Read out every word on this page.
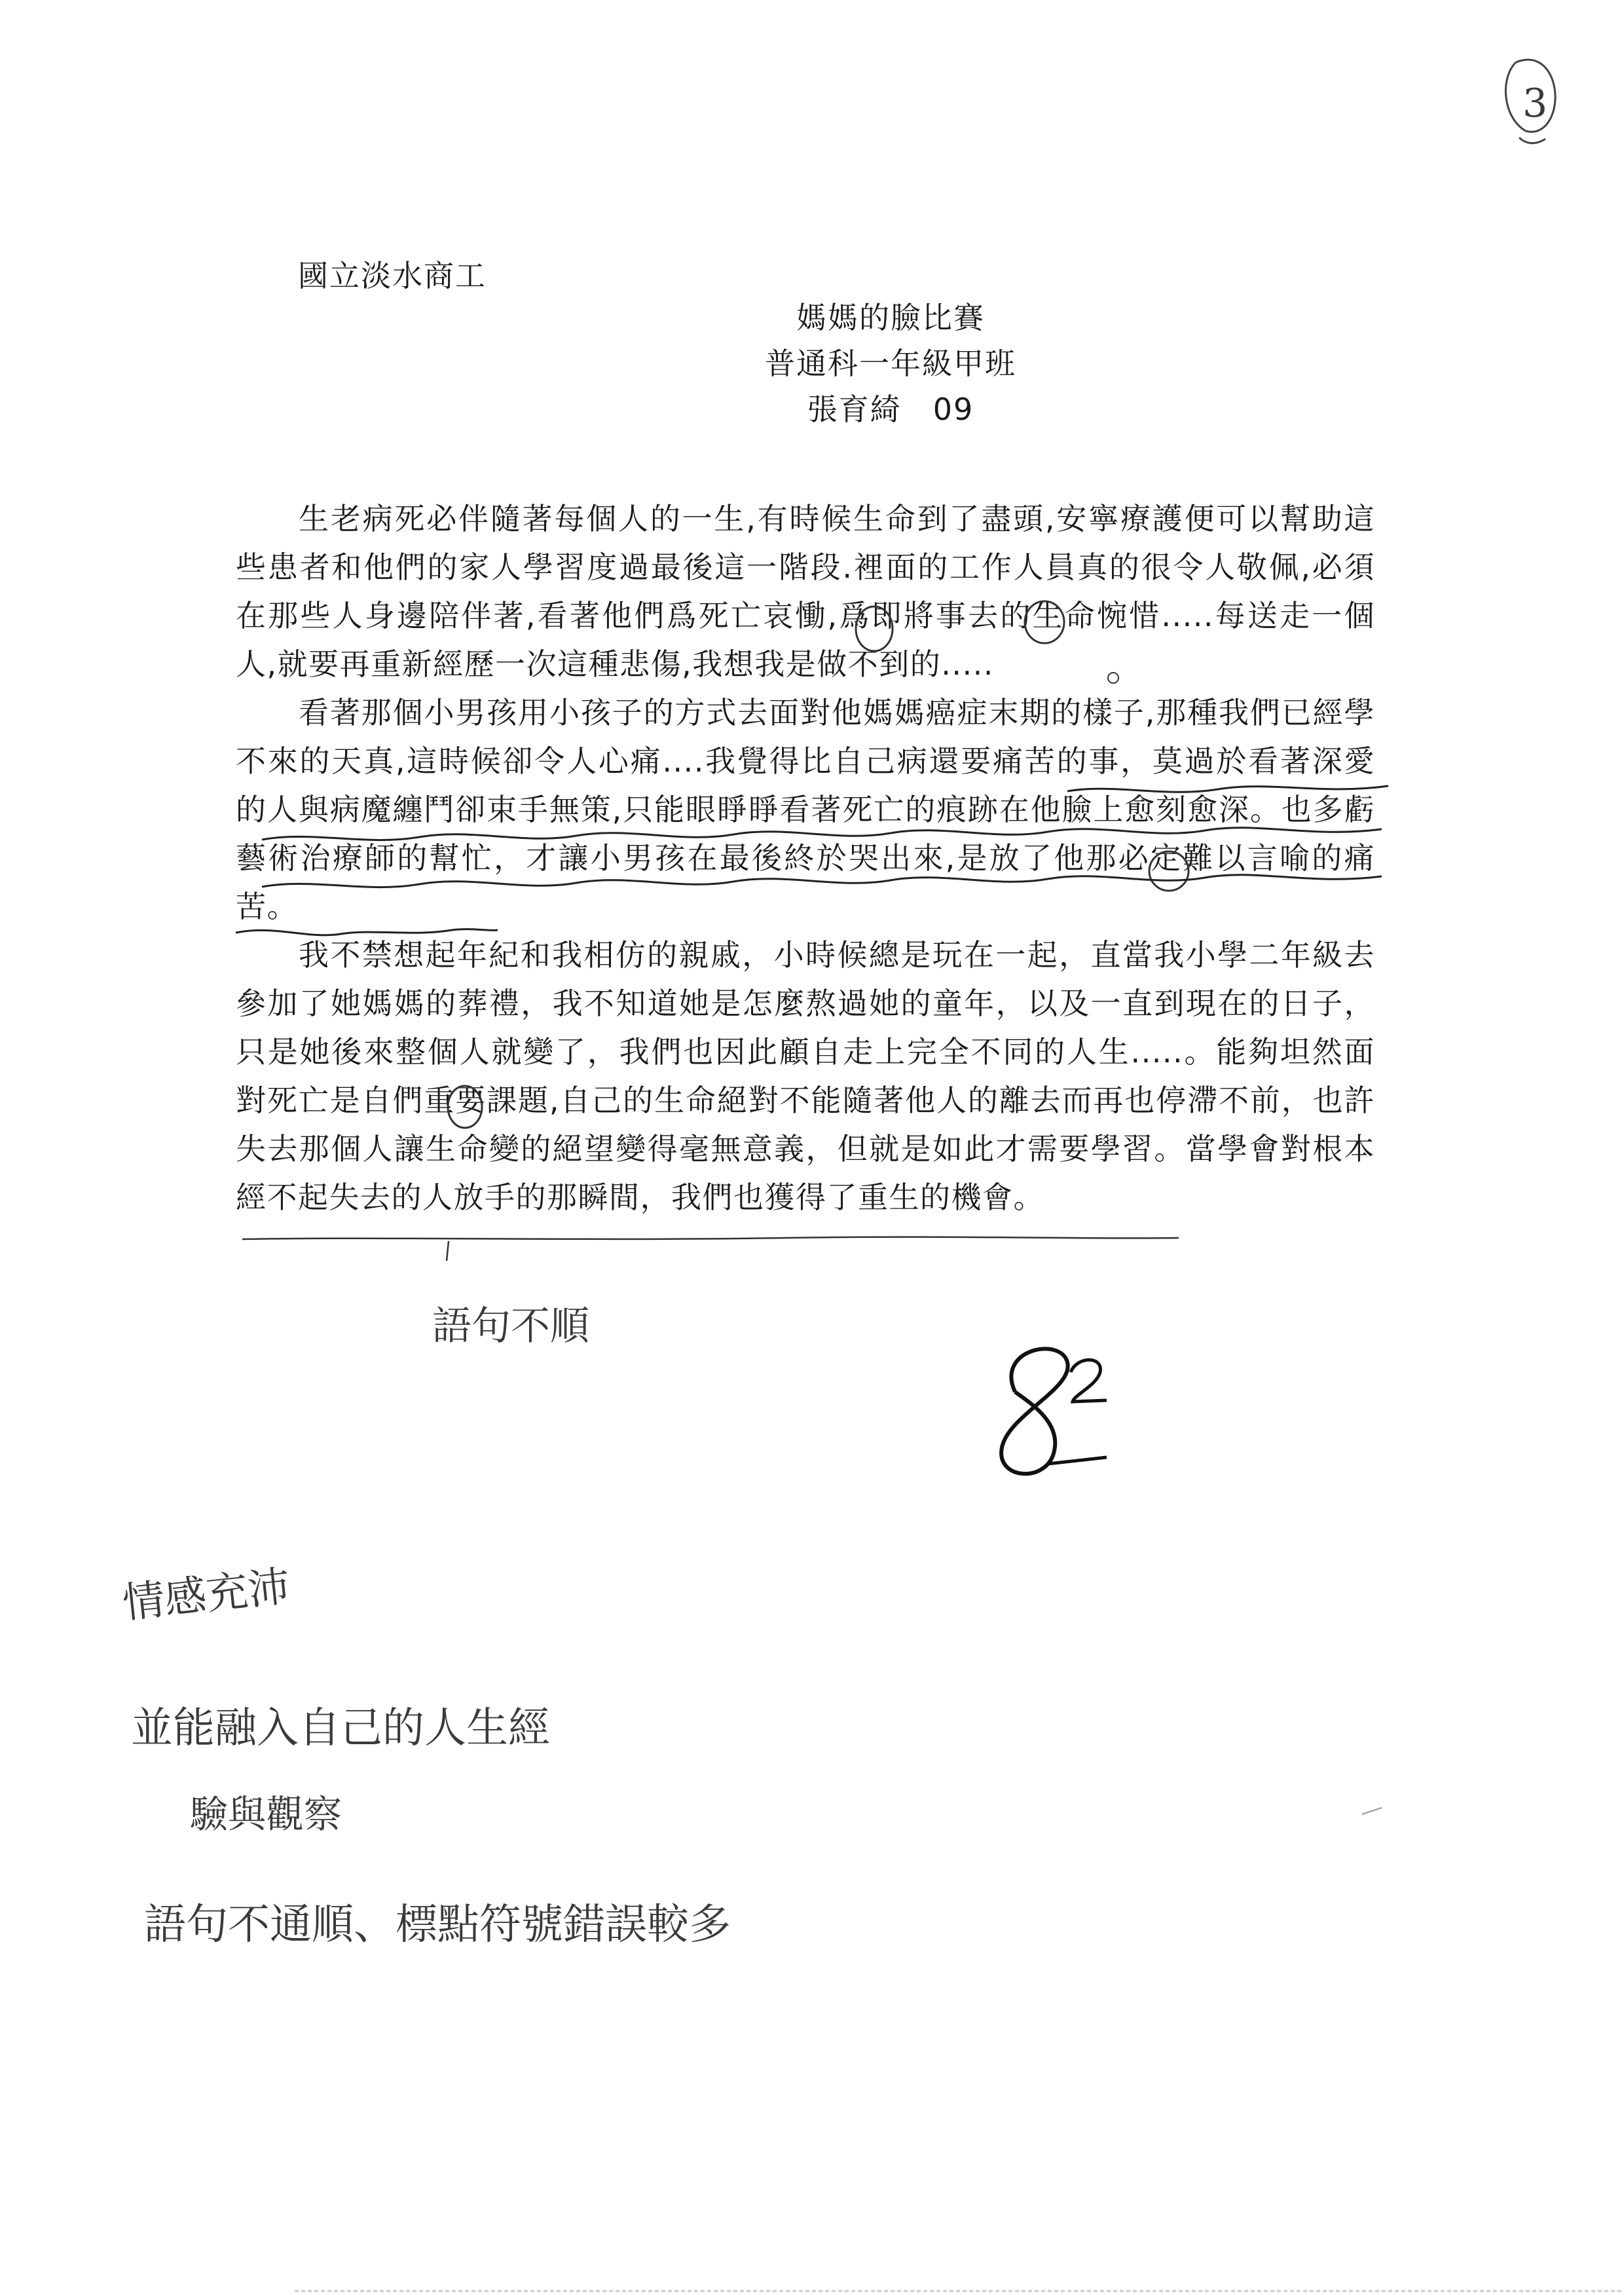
國立淡水商工
媽媽的臉比賽
普通科一年級甲班
張育綺　09

生老病死必伴隨著每個人的一生,有時候生命到了盡頭,安寧療護便可以幫助這些患者和他們的家人學習度過最後這一階段.裡面的工作人員真的很令人敬佩,必須在那些人身邊陪伴著,看著他們爲死亡哀慟,爲即將事去的生命惋惜.....每送走一個人,就要再重新經歷一次這種悲傷,我想我是做不到的.....

看著那個小男孩用小孩子的方式去面對他媽媽癌症末期的樣子,那種我們已經學不來的天真,這時候卻令人心痛....我覺得比自己病還要痛苦的事，莫過於看著深愛的人與病魔纏鬥卻束手無策,只能眼睜睜看著死亡的痕跡在他臉上愈刻愈深。也多虧藝術治療師的幫忙，才讓小男孩在最後終於哭出來,是放了他那必定難以言喻的痛苦。

我不禁想起年紀和我相仿的親戚，小時候總是玩在一起，直當我小學二年級去參加了她媽媽的葬禮，我不知道她是怎麼熬過她的童年，以及一直到現在的日子，只是她後來整個人就變了，我們也因此顧自走上完全不同的人生.....。能夠坦然面對死亡是自們重要課題,自己的生命絕對不能隨著他人的離去而再也停滯不前，也許失去那個人讓生命變的絕望變得毫無意義，但就是如此才需要學習。當學會對根本經不起失去的人放手的那瞬間，我們也獲得了重生的機會。

3
語句不順
情感充沛
並能融入自己的人生經
驗與觀察
語句不通順、標點符號錯誤較多
